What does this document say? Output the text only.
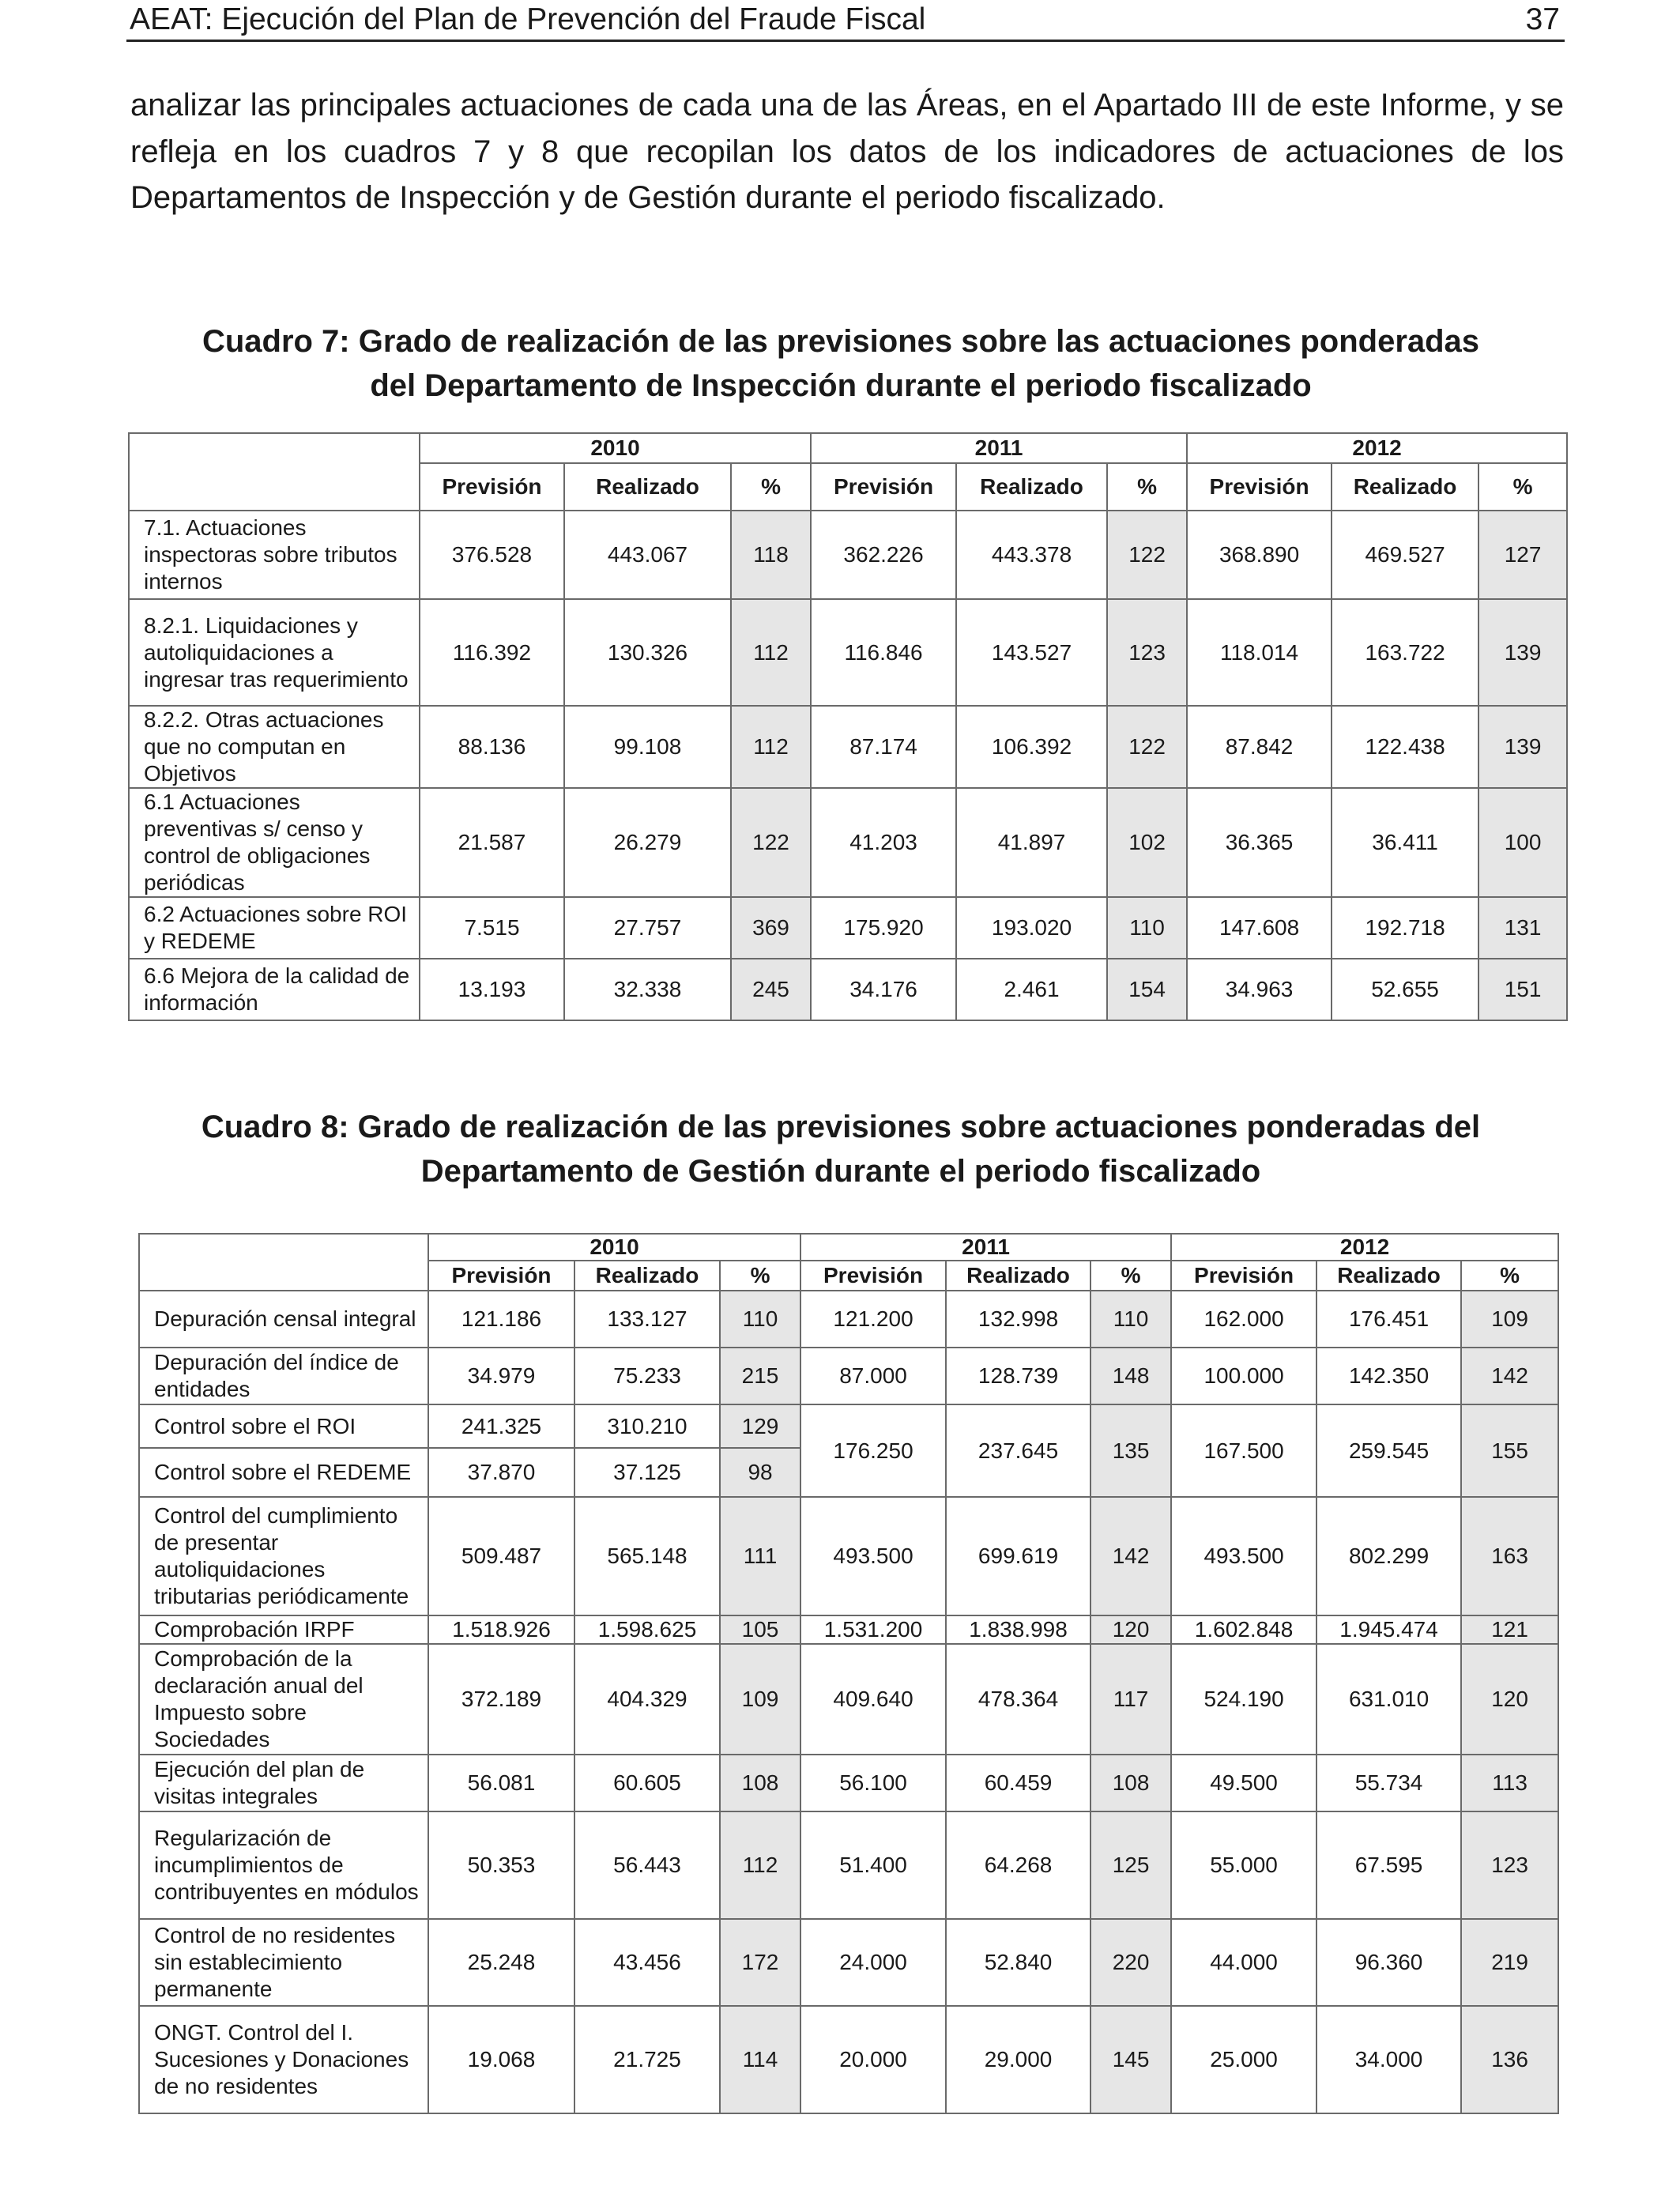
AEAT: Ejecución del Plan de Prevención del Fraude Fiscal	37

analizar las principales actuaciones de cada una de las Áreas, en el Apartado III de este Informe, y se refleja en los cuadros 7 y 8 que recopilan los datos de los indicadores de actuaciones de los Departamentos de Inspección y de Gestión durante el periodo fiscalizado.

Cuadro 7: Grado de realización de las previsiones sobre las actuaciones ponderadas
del Departamento de Inspección durante el periodo fiscalizado
	2010			2011			2012		
	Previsión	Realizado	%	Previsión	Realizado	%	Previsión	Realizado	%
7.1. Actuaciones inspectoras sobre tributos internos	376.528	443.067	118	362.226	443.378	122	368.890	469.527	127
8.2.1. Liquidaciones y autoliquidaciones a ingresar tras requerimiento	116.392	130.326	112	116.846	143.527	123	118.014	163.722	139
8.2.2. Otras actuaciones que no computan en Objetivos	88.136	99.108	112	87.174	106.392	122	87.842	122.438	139
6.1 Actuaciones preventivas s/ censo y control de obligaciones periódicas	21.587	26.279	122	41.203	41.897	102	36.365	36.411	100
6.2 Actuaciones sobre ROI y REDEME	7.515	27.757	369	175.920	193.020	110	147.608	192.718	131
6.6 Mejora de la calidad de información	13.193	32.338	245	34.176	2.461	154	34.963	52.655	151
Cuadro 8: Grado de realización de las previsiones sobre actuaciones ponderadas del
Departamento de Gestión durante el periodo fiscalizado
	2010			2011			2012		
	Previsión	Realizado	%	Previsión	Realizado	%	Previsión	Realizado	%
Depuración censal integral	121.186	133.127	110	121.200	132.998	110	162.000	176.451	109
Depuración del índice de entidades	34.979	75.233	215	87.000	128.739	148	100.000	142.350	142
Control sobre el ROI	241.325	310.210	129	176.250	237.645	135	167.500	259.545	155
Control sobre el REDEME	37.870	37.125	98						
Control del cumplimiento de presentar autoliquidaciones tributarias periódicamente	509.487	565.148	111	493.500	699.619	142	493.500	802.299	163
Comprobación IRPF	1.518.926	1.598.625	105	1.531.200	1.838.998	120	1.602.848	1.945.474	121
Comprobación de la declaración anual del Impuesto sobre Sociedades	372.189	404.329	109	409.640	478.364	117	524.190	631.010	120
Ejecución del plan de visitas integrales	56.081	60.605	108	56.100	60.459	108	49.500	55.734	113
Regularización de incumplimientos de contribuyentes en módulos	50.353	56.443	112	51.400	64.268	125	55.000	67.595	123
Control de no residentes sin establecimiento permanente	25.248	43.456	172	24.000	52.840	220	44.000	96.360	219
ONGT. Control del I. Sucesiones y Donaciones de no residentes	19.068	21.725	114	20.000	29.000	145	25.000	34.000	136
